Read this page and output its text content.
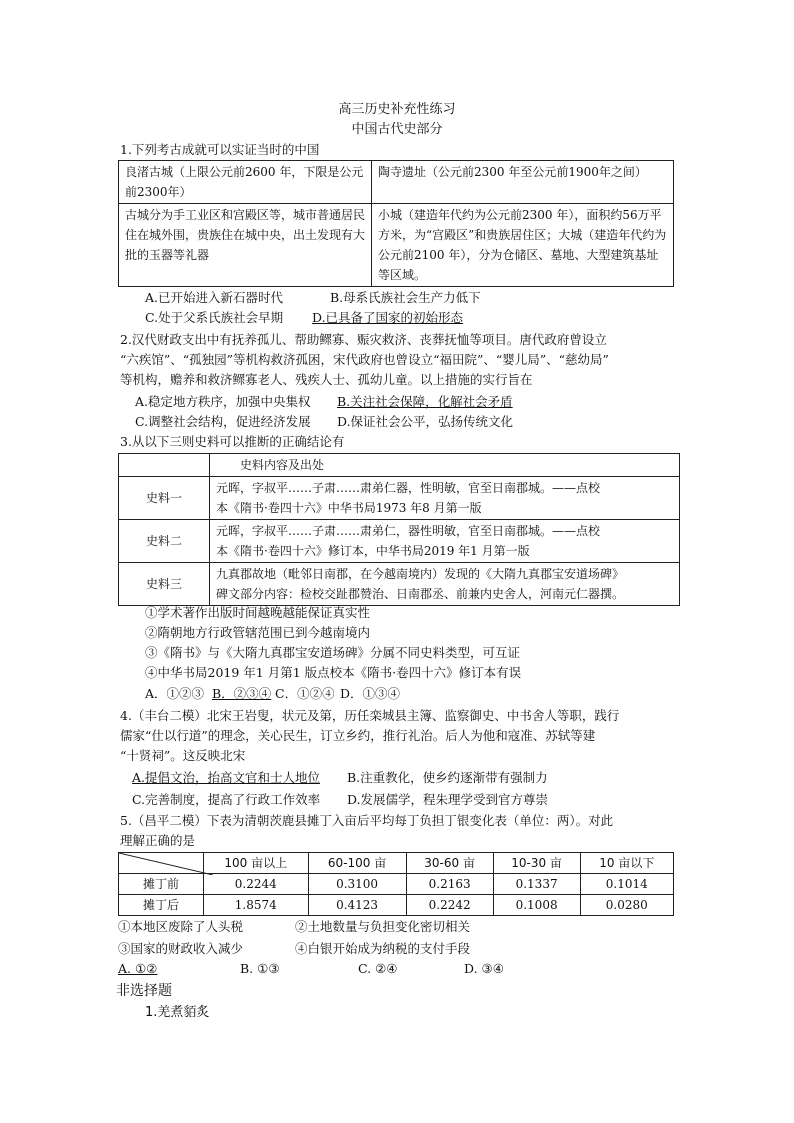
高三历史补充性练习
中国古代史部分
1.下列考古成就可以实证当时的中国
良渚古城（上限公元前2600 年，下限是公元前2300年）	陶寺遗址（公元前2300 年至公元前1900年之间）
古城分为手工业区和宫殿区等，城市普通居民住在城外围，贵族住在城中央，出土发现有大批的玉器等礼器	小城（建造年代约为公元前2300 年），面积约56万平方米，为“宫殿区”和贵族居住区；大城（建造年代约为公元前2100 年），分为仓储区、墓地、大型建筑基址等区域。
A.已开始进入新石器时代	B.母系氏族社会生产力低下
C.处于父系氏族社会早期 D.已具备了国家的初始形态
2.汉代财政支出中有抚养孤儿、帮助鳏寡、赈灾救济、丧葬抚恤等项目。唐代政府曾设立
“六疾馆”、“孤独园”等机构救济孤困，宋代政府也曾设立“福田院”、“婴儿局”、“慈幼局”
等机构，赡养和救济鳏寡老人、残疾人士、孤幼儿童。以上措施的实行旨在
A.稳定地方秩序，加强中央集权 B.关注社会保障，化解社会矛盾
C.调整社会结构，促进经济发展 D.保证社会公平，弘扬传统文化
3.从以下三则史料可以推断的正确结论有
	史料内容及出处
史料一	元晖，字叔平……子肃……肃弟仁器，性明敏，官至日南郡城。——点校
本《隋书·卷四十六》中华书局1973 年8 月第一版

史料二	元晖，字叔平……子肃……肃弟仁，器性明敏，官至日南郡城。——点校
本《隋书·卷四十六》修订本，中华书局2019 年1 月第一版

史料三	九真郡故地（毗邻日南郡，在今越南境内）发现的《大隋九真郡宝安道场碑》
碑文部分内容：检校交趾郡赞治、日南郡丞、前兼内史舍人，河南元仁器撰。
①学术著作出版时间越晚越能保证真实性
②隋朝地方行政管辖范围已到今越南境内
③《隋书》与《大隋九真郡宝安道场碑》分属不同史料类型，可互证
④中华书局2019 年1 月第1 版点校本《隋书·卷四十六》修订本有误
A．①②③ B．②③④ C．①②④ D．①③④
4.（丰台二模）北宋王岩叟，状元及第，历任栾城县主簿、监察御史、中书舍人等职，践行
儒家“仕以行道”的理念，关心民生，订立乡约，推行礼治。后人为他和寇准、苏轼等建
“十贤祠”。这反映北宋
A.提倡文治，抬高文官和士人地位 B.注重教化，使乡约逐渐带有强制力
C.完善制度，提高了行政工作效率 D.发展儒学，程朱理学受到官方尊崇
5.（昌平二模）下表为清朝茨鹿县摊丁入亩后平均每丁负担丁银变化表（单位：两）。对此
理解正确的是
	100 亩以上	60-100 亩	30-60 亩	10-30 亩	10 亩以下
摊丁前	0.2244	0.3100	0.2163	0.1337	0.1014
摊丁后	1.8574	0.4123	0.2242	0.1008	0.0280
①本地区废除了人头税	②土地数量与负担变化密切相关
③国家的财政收入减少	④白银开始成为纳税的支付手段
A. ①②	B. ①③	C. ②④	D. ③④
非选择题
1.羌煮貊炙
